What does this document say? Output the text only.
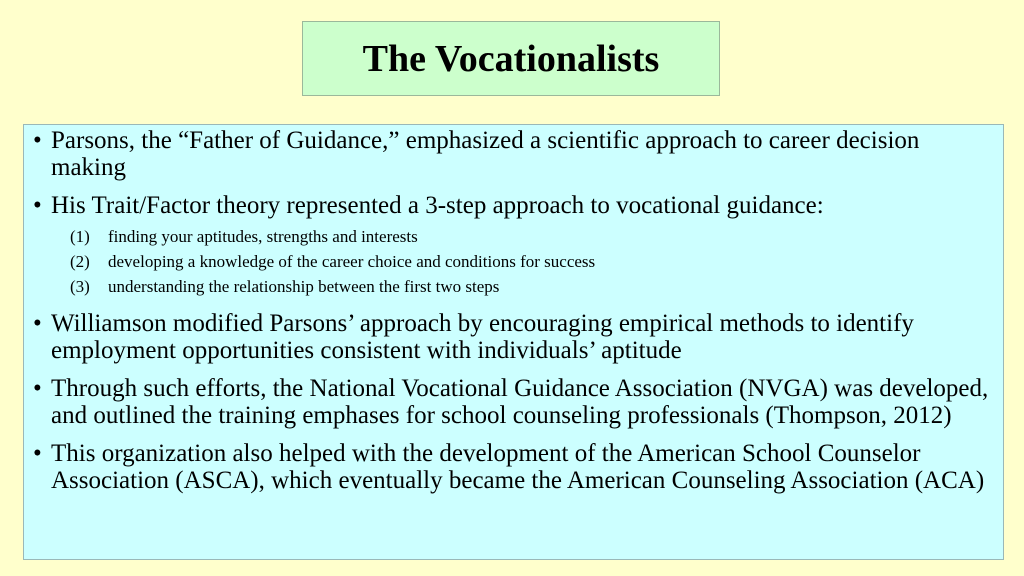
The Vocationalists
• Parsons, the “Father of Guidance,” emphasized a scientific approach to career decision making
• His Trait/Factor theory represented a 3-step approach to vocational guidance:
(1) finding your aptitudes, strengths and interests
(2) developing a knowledge of the career choice and conditions for success
(3) understanding the relationship between the first two steps
• Williamson modified Parsons’ approach by encouraging empirical methods to identify employment opportunities consistent with individuals’ aptitude
• Through such efforts, the National Vocational Guidance Association (NVGA) was developed, and outlined the training emphases for school counseling professionals (Thompson, 2012)
• This organization also helped with the development of the American School Counselor Association (ASCA), which eventually became the American Counseling Association (ACA)
